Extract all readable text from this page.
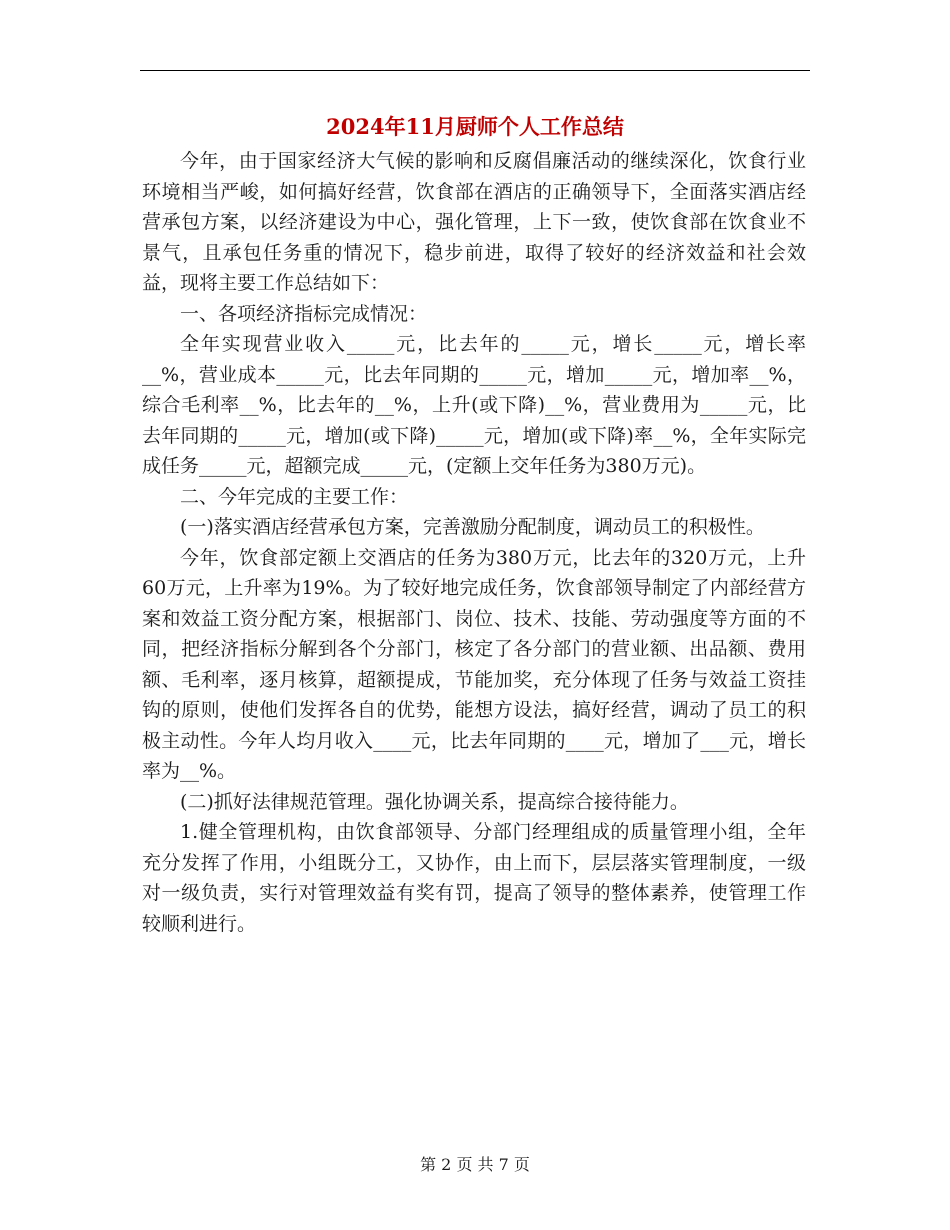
2024年11月厨师个人工作总结

今年，由于国家经济大气候的影响和反腐倡廉活动的继续深化，饮食行业环境相当严峻，如何搞好经营，饮食部在酒店的正确领导下，全面落实酒店经营承包方案，以经济建设为中心，强化管理，上下一致，使饮食部在饮食业不景气，且承包任务重的情况下，稳步前进，取得了较好的经济效益和社会效益，现将主要工作总结如下：

一、各项经济指标完成情况：

全年实现营业收入_____元，比去年的_____元，增长_____元，增长率__%，营业成本_____元，比去年同期的_____元，增加_____元，增加率__%，综合毛利率__%，比去年的__%，上升(或下降)__%，营业费用为_____元，比去年同期的_____元，增加(或下降)_____元，增加(或下降)率__%，全年实际完成任务_____元，超额完成_____元，(定额上交年任务为380万元)。

二、今年完成的主要工作：

(一)落实酒店经营承包方案，完善激励分配制度，调动员工的积极性。

今年，饮食部定额上交酒店的任务为380万元，比去年的320万元，上升60万元，上升率为19%。为了较好地完成任务，饮食部领导制定了内部经营方案和效益工资分配方案，根据部门、岗位、技术、技能、劳动强度等方面的不同，把经济指标分解到各个分部门，核定了各分部门的营业额、出品额、费用额、毛利率，逐月核算，超额提成，节能加奖，充分体现了任务与效益工资挂钩的原则，使他们发挥各自的优势，能想方设法，搞好经营，调动了员工的积极主动性。今年人均月收入____元，比去年同期的____元，增加了___元，增长率为__%。

(二)抓好法律规范管理。强化协调关系，提高综合接待能力。

1.健全管理机构，由饮食部领导、分部门经理组成的质量管理小组，全年充分发挥了作用，小组既分工，又协作，由上而下，层层落实管理制度，一级对一级负责，实行对管理效益有奖有罚，提高了领导的整体素养，使管理工作较顺利进行。

第 2 页 共 7 页
